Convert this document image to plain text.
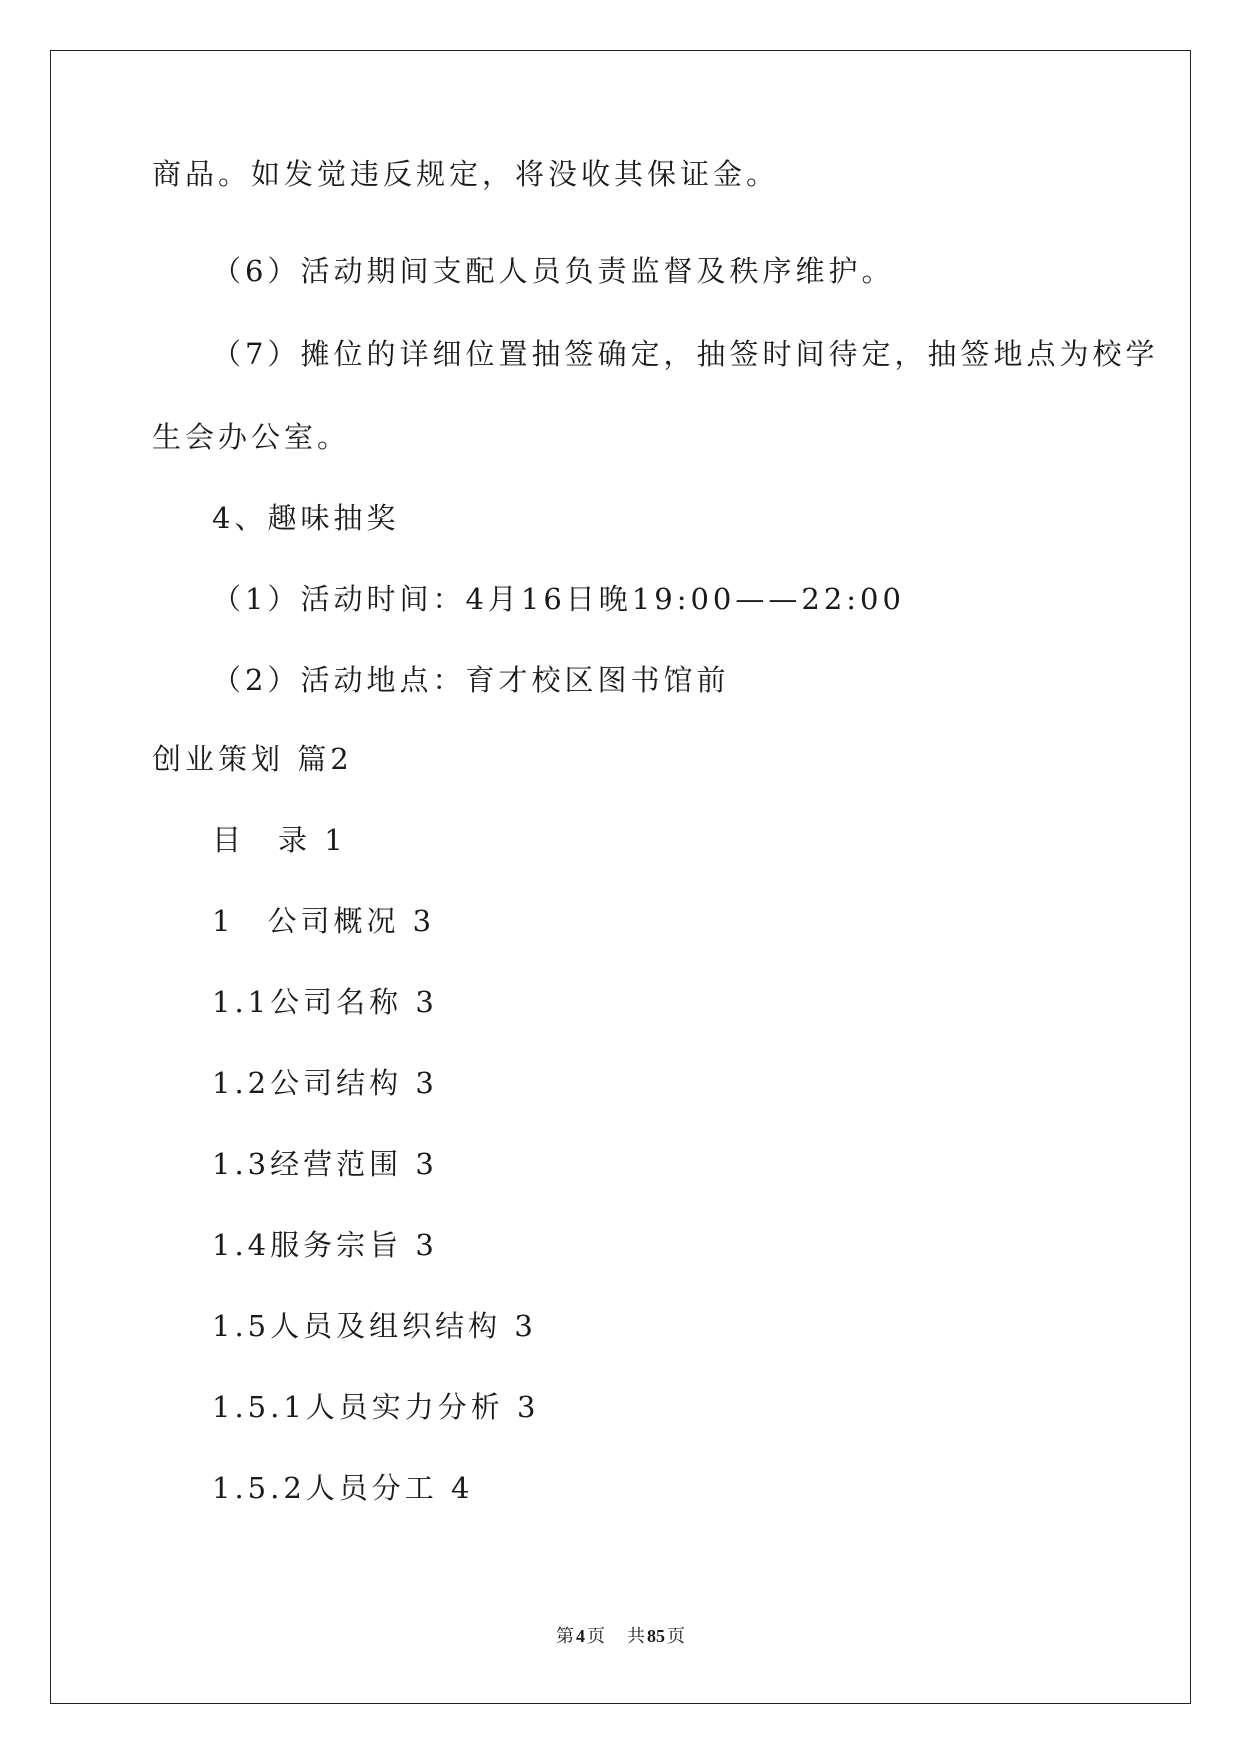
商品。如发觉违反规定，将没收其保证金。
（6）活动期间支配人员负责监督及秩序维护。
（7）摊位的详细位置抽签确定，抽签时间待定，抽签地点为校学
生会办公室。
4、趣味抽奖
（1）活动时间：4月16日晚19:00——22:00
（2）活动地点：育才校区图书馆前
创业策划 篇2
目　录 1
1　公司概况 3
1.1公司名称 3
1.2公司结构 3
1.3经营范围 3
1.4服务宗旨 3
1.5人员及组织结构 3
1.5.1人员实力分析 3
1.5.2人员分工 4
第 4 页 共 85 页
